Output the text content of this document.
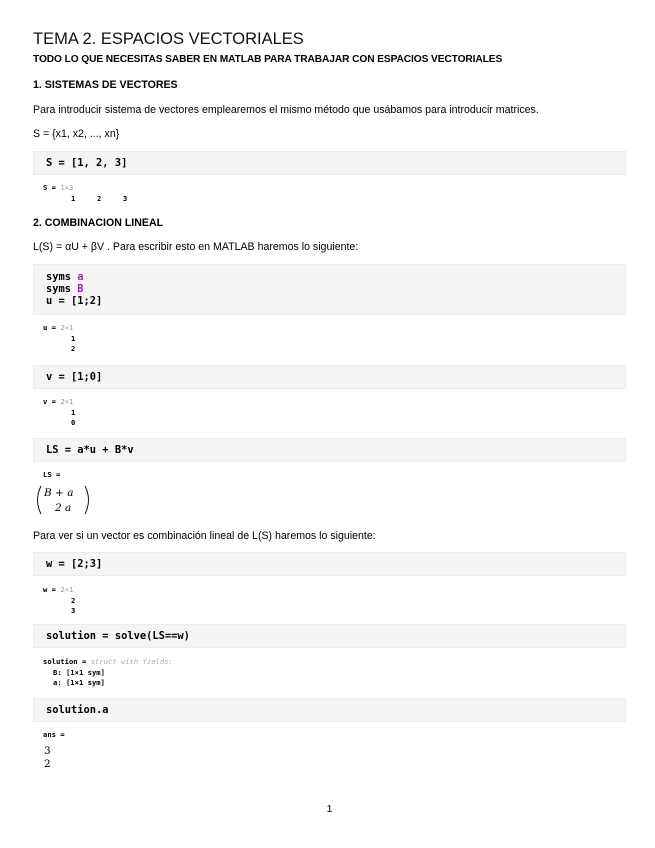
TEMA 2. ESPACIOS VECTORIALES
TODO LO QUE NECESITAS SABER EN MATLAB PARA TRABAJAR CON ESPACIOS VECTORIALES
1. SISTEMAS DE VECTORES
Para introducir sistema de vectores emplearemos el mismo método que usábamos para introducir matrices.
S = {x1, x2, ..., xn}
S = [1, 2, 3]
S = 1×3
1     2     3
2. COMBINACION LINEAL
L(S) = αU + βV . Para escribir esto en MATLAB haremos lo siguiente:
syms a
syms B
u = [1;2]
u = 2×1
1
2
v = [1;0]
v = 2×1
1
0
LS = a*u + B*v
LS =
B + a
2 a
Para ver si un vector es combinación lineal de L(S) haremos lo siguiente:
w = [2;3]
w = 2×1
2
3
solution = solve(LS==w)
solution = struct with fields:
B: [1×1 sym]
a: [1×1 sym]
solution.a
ans =
3
2
1
